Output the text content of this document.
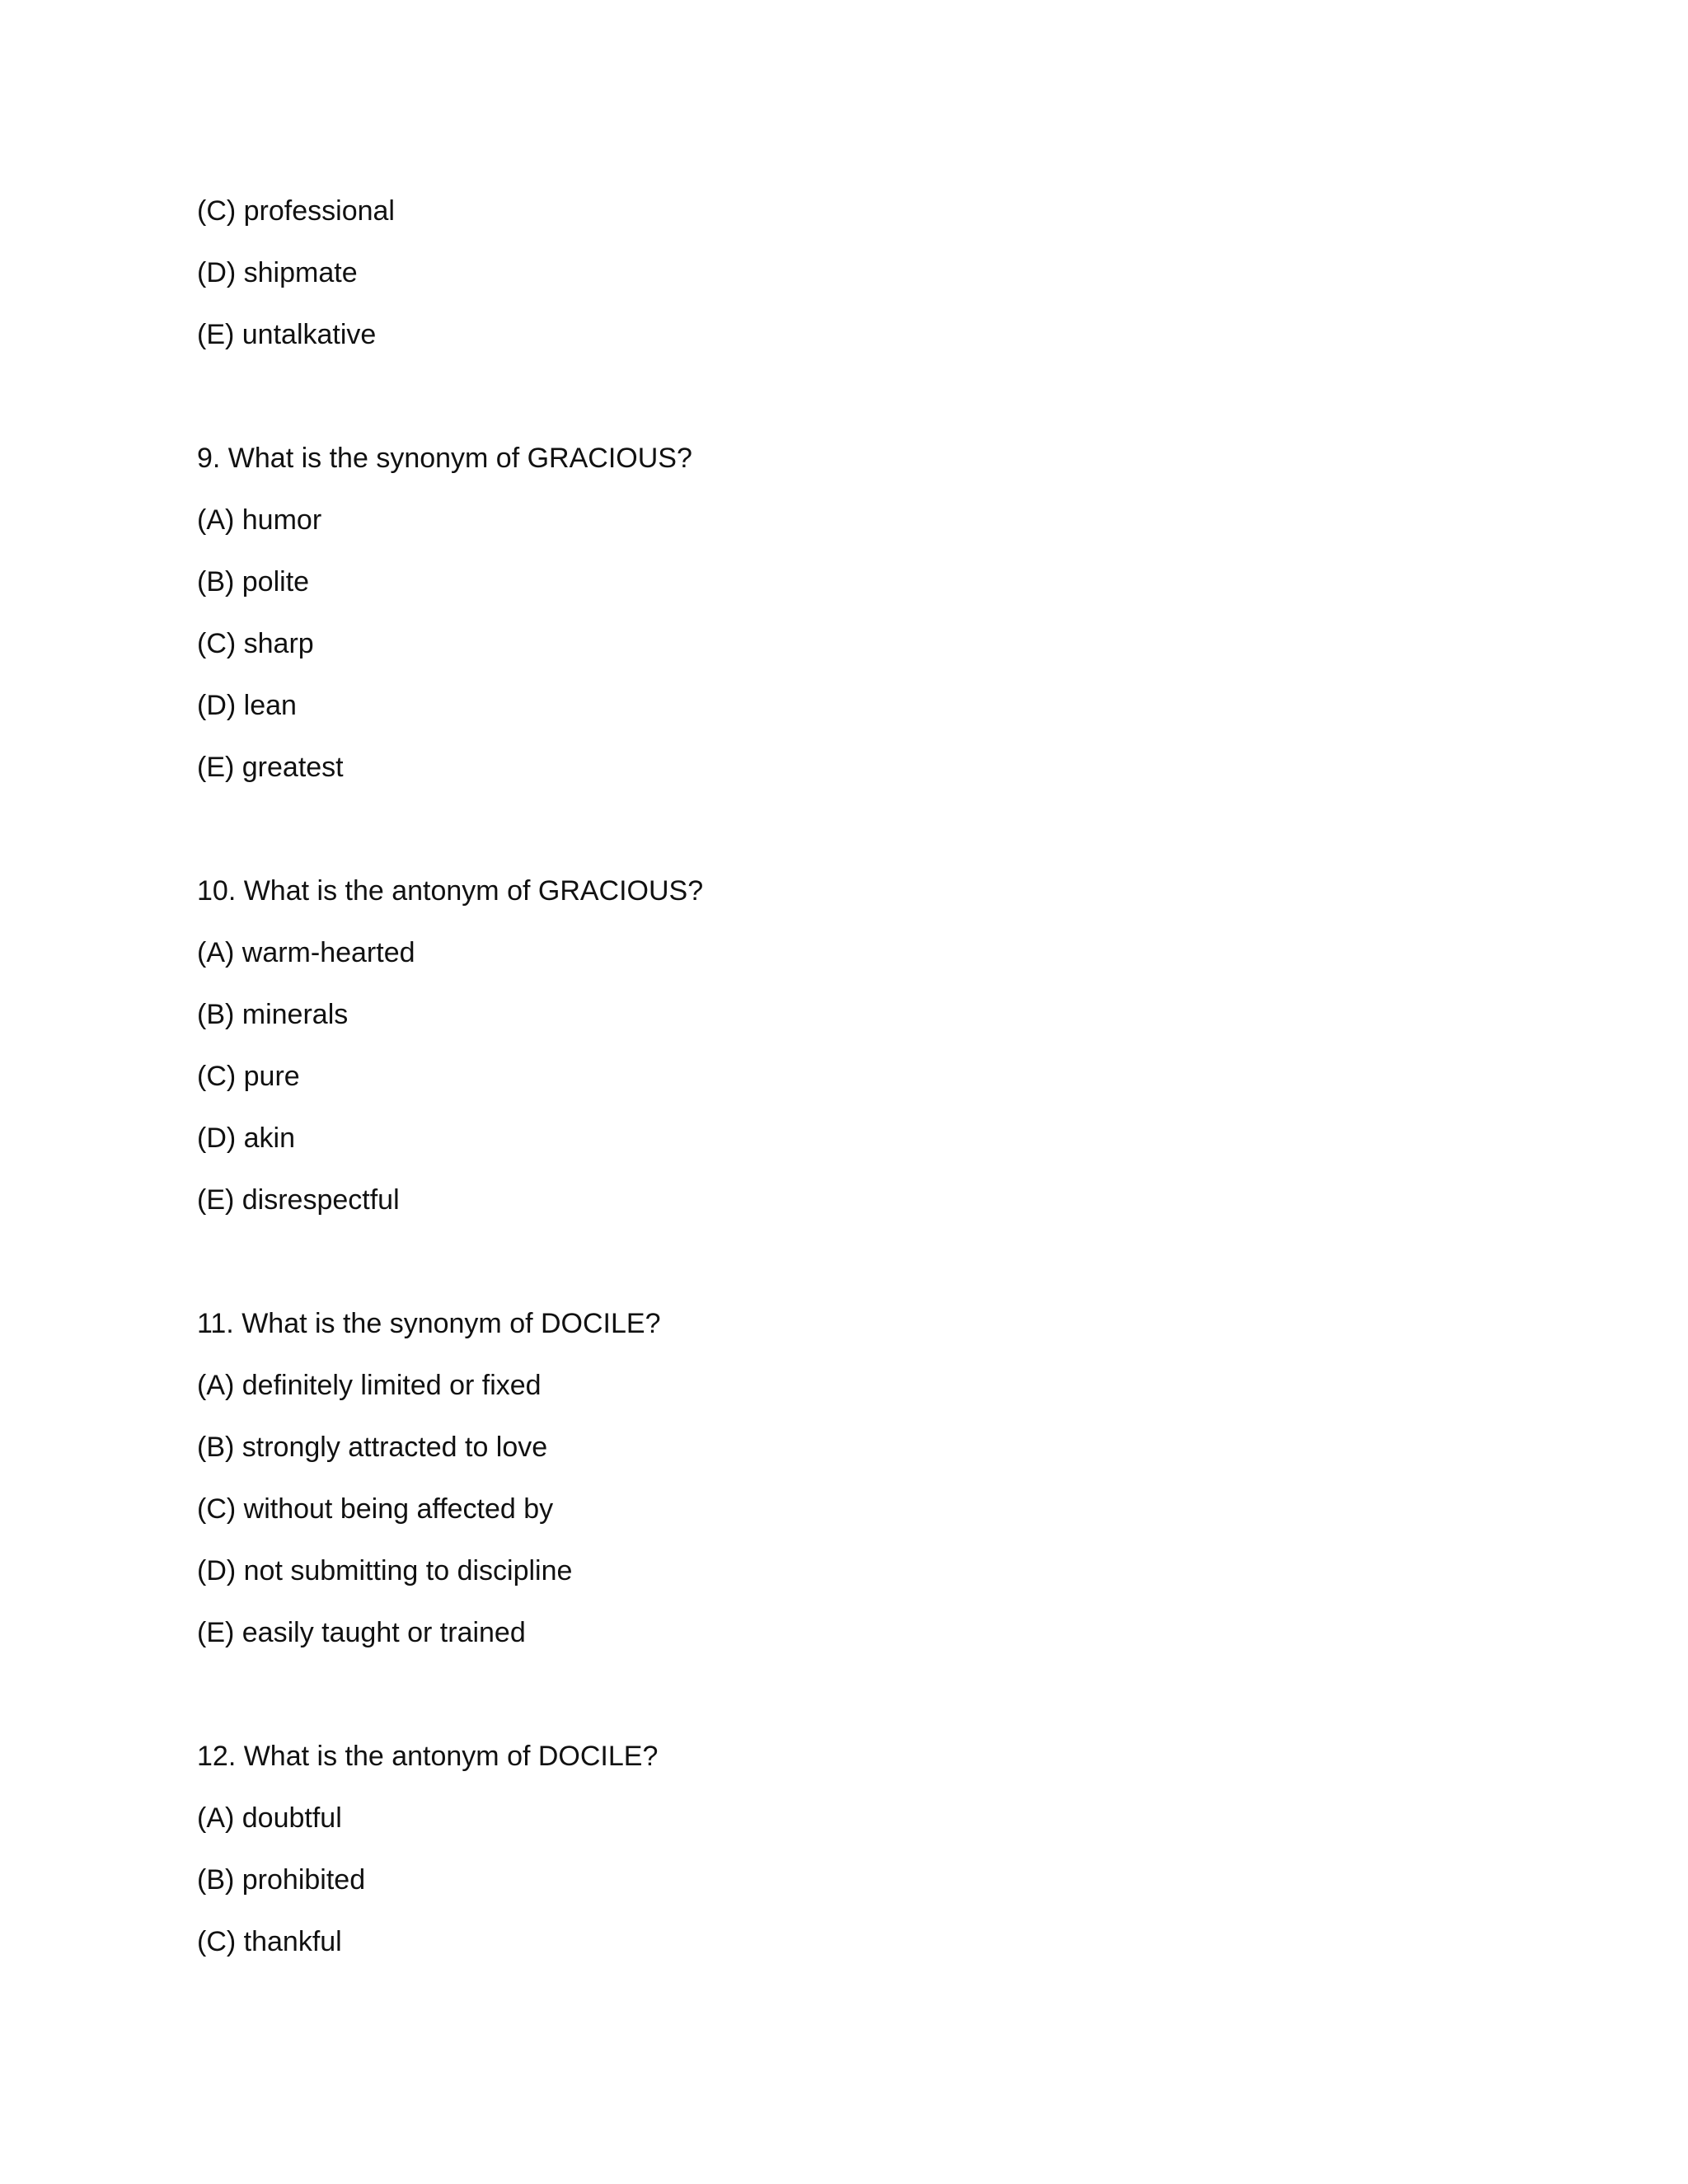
(C) professional
(D) shipmate
(E) untalkative
9. What is the synonym of GRACIOUS?
(A) humor
(B) polite
(C) sharp
(D) lean
(E) greatest
10. What is the antonym of GRACIOUS?
(A) warm-hearted
(B) minerals
(C) pure
(D) akin
(E) disrespectful
11. What is the synonym of DOCILE?
(A) definitely limited or fixed
(B) strongly attracted to love
(C) without being affected by
(D) not submitting to discipline
(E) easily taught or trained
12. What is the antonym of DOCILE?
(A) doubtful
(B) prohibited
(C) thankful
